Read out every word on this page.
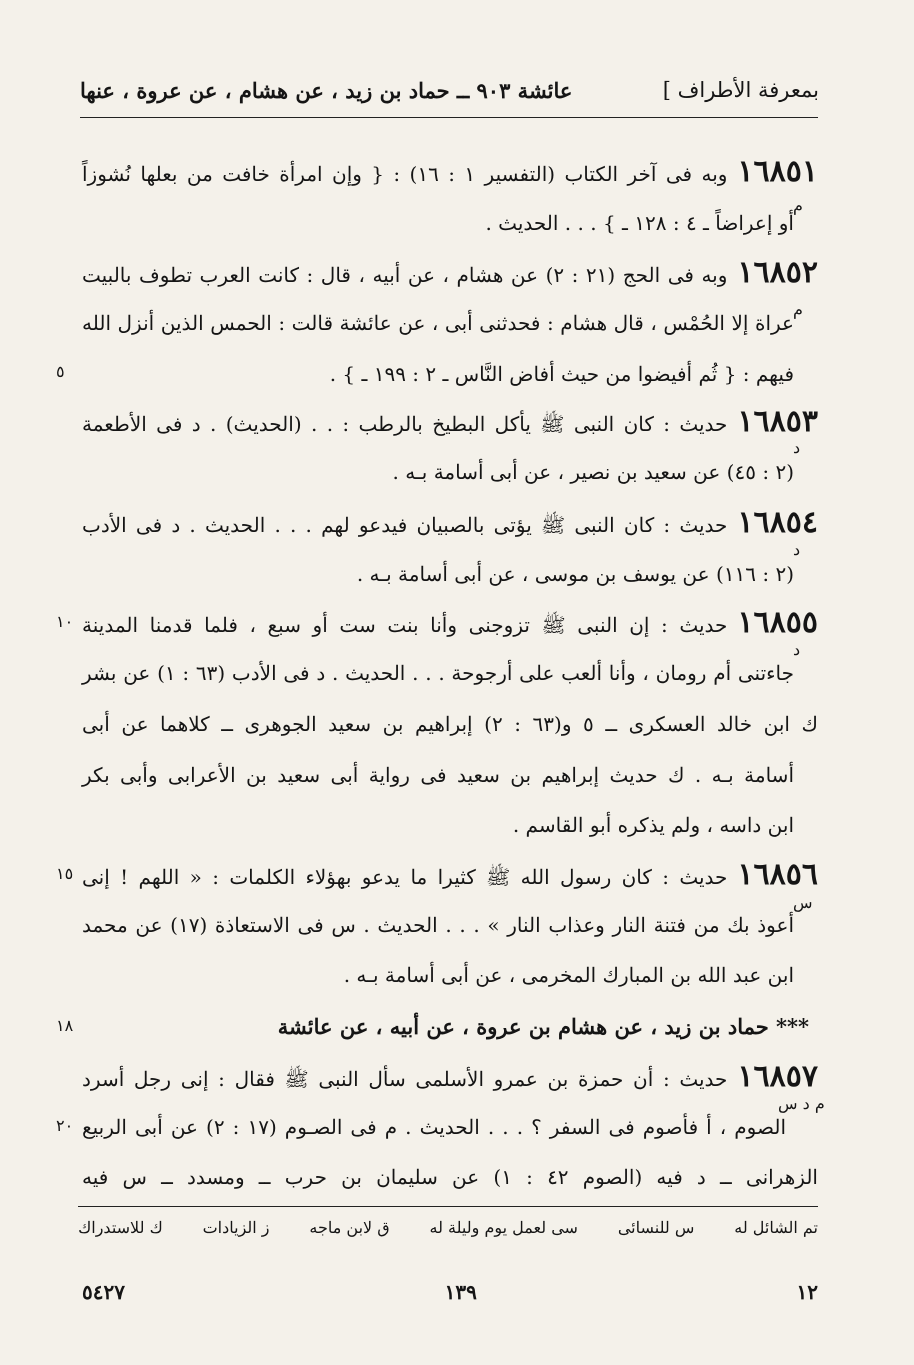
بمعرفة الأطراف ]
عائشة ٩٠٣ ــ حماد بن زيد ، عن هشام ، عن عروة ، عنها
١٦٨٥١وبه فى آخر الكتاب (التفسير ١ : ١٦) : { وإن امرأة خافت من بعلها نُشوزاً
م
أو إعراضاً ـ ٤ : ١٢٨ ـ } . . . الحديث .
١٦٨٥٢وبه فى الحج (٢١ : ٢) عن هشام ، عن أبيه ، قال : كانت العرب تطوف بالبيت
م
عراة إلا الحُمْس ، قال هشام : فحدثنى أبى ، عن عائشة قالت : الحمس الذين أنزل الله
فيهم : { ثُم أفيضوا من حيث أفاض النَّاس ـ ٢ : ١٩٩ ـ } .
٥
١٦٨٥٣حديث : كان النبى ﷺ يأكل البطيخ بالرطب : . . (الحديث) . د فى الأطعمة
د
(٢ : ٤٥) عن سعيد بن نصير ، عن أبى أسامة بـه .
١٦٨٥٤حديث : كان النبى ﷺ يؤتى بالصبيان فيدعو لهم . . . الحديث . د فى الأدب
د
(٢ : ١١٦) عن يوسف بن موسى ، عن أبى أسامة بـه .
١٦٨٥٥حديث : إن النبى ﷺ تزوجنى وأنا بنت ست أو سبع ، فلما قدمنا المدينة
١٠
د
جاءتنى أم رومان ، وأنا ألعب على أرجوحة . . . الحديث . د فى الأدب (٦٣ : ١) عن بشر
ك ابن خالد العسكرى ــ ٥ و(٦٣ : ٢) إبراهيم بن سعيد الجوهرى ــ كلاهما عن أبى
أسامة بـه . ك حديث إبراهيم بن سعيد فى رواية أبى سعيد بن الأعرابى وأبى بكر
ابن داسه ، ولم يذكره أبو القاسم .
١٦٨٥٦حديث : كان رسول الله ﷺ كثيرا ما يدعو بهؤلاء الكلمات : « اللهم ! إنى
١٥
س
أعوذ بك من فتنة النار وعذاب النار » . . . الحديث . س فى الاستعاذة (١٧) عن محمد
ابن عبد الله بن المبارك المخرمى ، عن أبى أسامة بـه .
*** حماد بن زيد ، عن هشام بن عروة ، عن أبيه ، عن عائشة
١٨
١٦٨٥٧حديث : أن حمزة بن عمرو الأسلمى سأل النبى ﷺ فقال : إنى رجل أسرد
م د س
الصوم ، أ فأصوم فى السفر ؟ . . . الحديث . م فى الصـوم (١٧ : ٢) عن أبى الربيع
٢٠
الزهرانى ــ د فيه (الصوم ٤٢ : ١) عن سليمان بن حرب ــ ومسدد ــ س فيه
تم الشائل له
س للنسائى
سى لعمل يوم وليلة له
ق لابن ماجه
ز الزيادات
ك للاستدراك
١٢
١٣٩
٥٤٢٧
